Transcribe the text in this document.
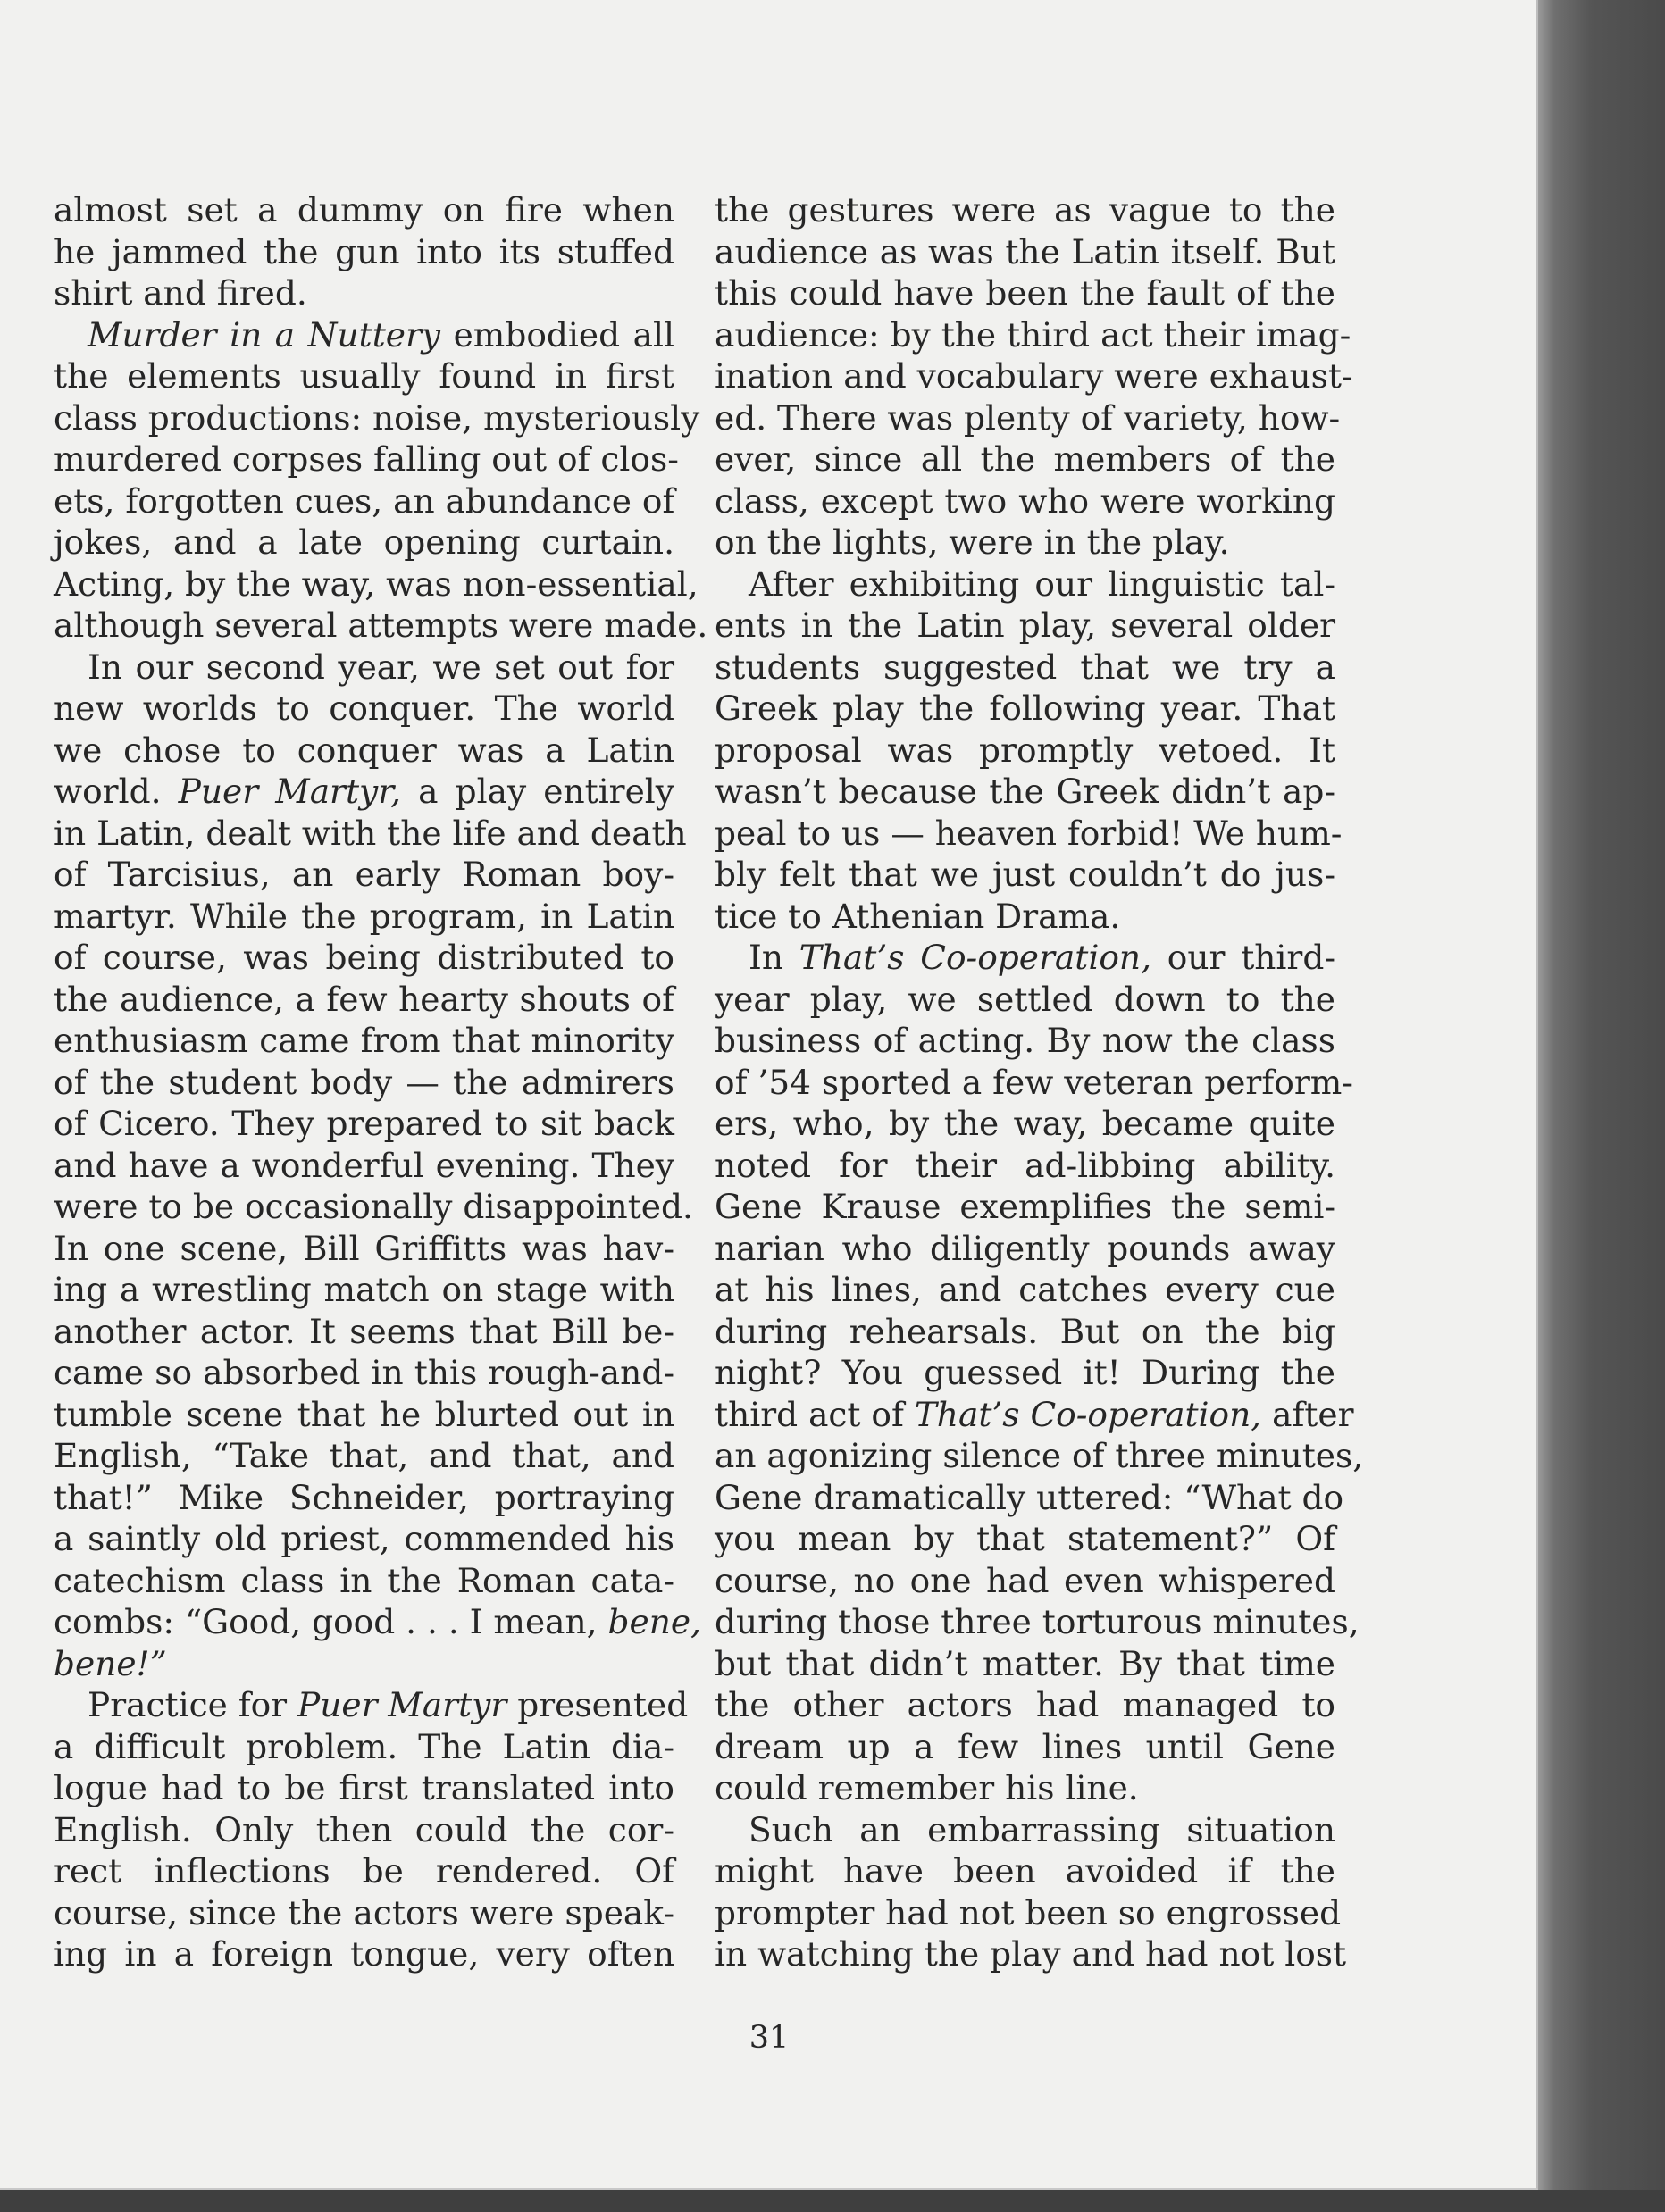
almost set a dummy on fire when
he jammed the gun into its stuffed
shirt and fired.
Murder in a Nuttery embodied all
the elements usually found in first
class productions: noise, mysteriously
murdered corpses falling out of clos-
ets, forgotten cues, an abundance of
jokes, and a late opening curtain.
Acting, by the way, was non-essential,
although several attempts were made.
In our second year, we set out for
new worlds to conquer. The world
we chose to conquer was a Latin
world. Puer Martyr, a play entirely
in Latin, dealt with the life and death
of Tarcisius, an early Roman boy-
martyr. While the program, in Latin
of course, was being distributed to
the audience, a few hearty shouts of
enthusiasm came from that minority
of the student body — the admirers
of Cicero. They prepared to sit back
and have a wonderful evening. They
were to be occasionally disappointed.
In one scene, Bill Griffitts was hav-
ing a wrestling match on stage with
another actor. It seems that Bill be-
came so absorbed in this rough-and-
tumble scene that he blurted out in
English, “Take that, and that, and
that!” Mike Schneider, portraying
a saintly old priest, commended his
catechism class in the Roman cata-
combs: “Good, good . . . I mean, bene,
bene!”
Practice for Puer Martyr presented
a difficult problem. The Latin dia-
logue had to be first translated into
English. Only then could the cor-
rect inflections be rendered. Of
course, since the actors were speak-
ing in a foreign tongue, very often
the gestures were as vague to the
audience as was the Latin itself. But
this could have been the fault of the
audience: by the third act their imag-
ination and vocabulary were exhaust-
ed. There was plenty of variety, how-
ever, since all the members of the
class, except two who were working
on the lights, were in the play.
After exhibiting our linguistic tal-
ents in the Latin play, several older
students suggested that we try a
Greek play the following year. That
proposal was promptly vetoed. It
wasn’t because the Greek didn’t ap-
peal to us — heaven forbid! We hum-
bly felt that we just couldn’t do jus-
tice to Athenian Drama.
In That’s Co-operation, our third-
year play, we settled down to the
business of acting. By now the class
of ’54 sported a few veteran perform-
ers, who, by the way, became quite
noted for their ad-libbing ability.
Gene Krause exemplifies the semi-
narian who diligently pounds away
at his lines, and catches every cue
during rehearsals. But on the big
night? You guessed it! During the
third act of That’s Co-operation, after
an agonizing silence of three minutes,
Gene dramatically uttered: “What do
you mean by that statement?” Of
course, no one had even whispered
during those three torturous minutes,
but that didn’t matter. By that time
the other actors had managed to
dream up a few lines until Gene
could remember his line.
Such an embarrassing situation
might have been avoided if the
prompter had not been so engrossed
in watching the play and had not lost
31
